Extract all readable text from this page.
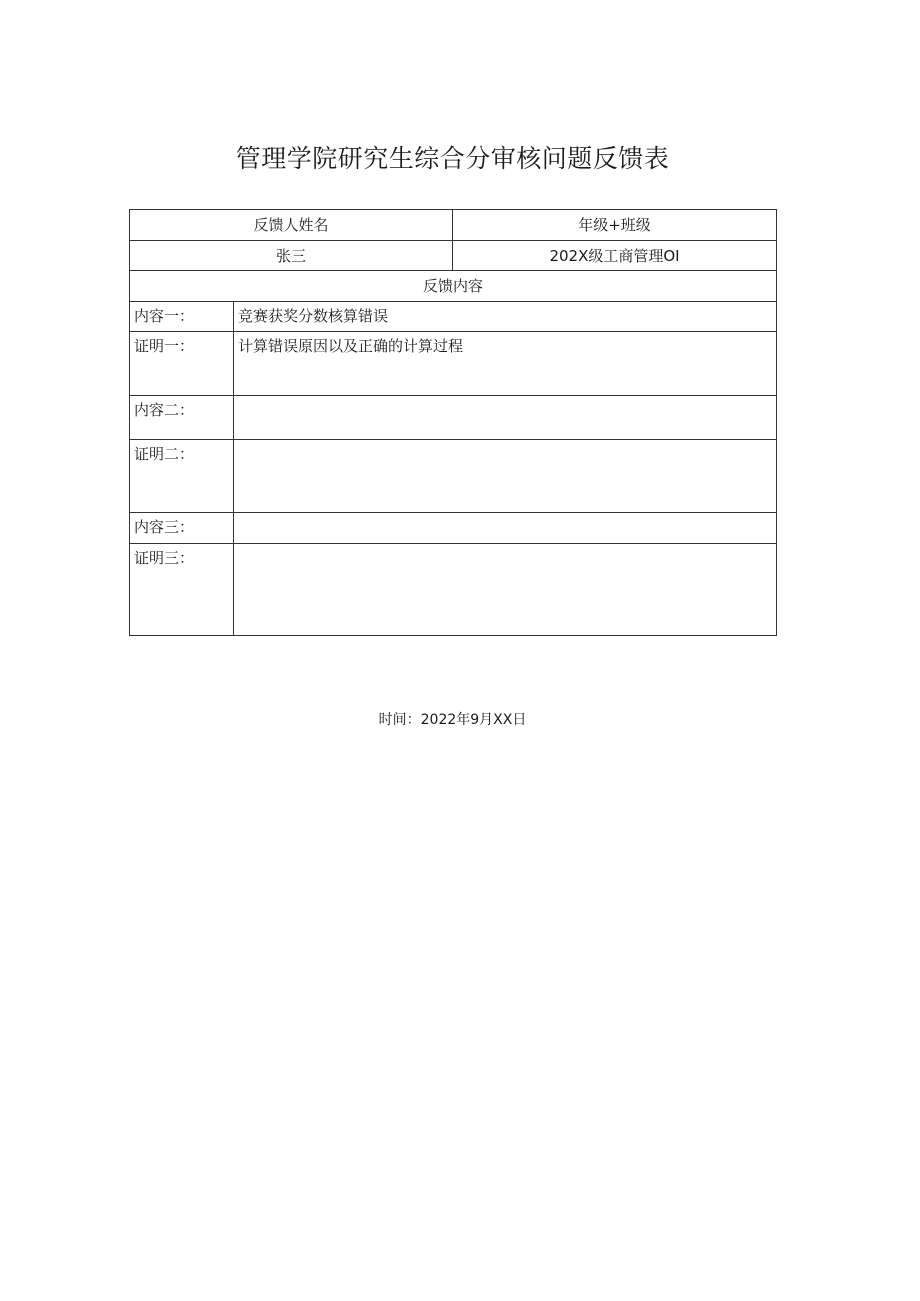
管理学院研究生综合分审核问题反馈表
反馈人姓名		年级+班级
张三		202X级工商管理OI
反馈内容		
内容一：	竞赛获奖分数核算错误	
证明一：	计算错误原因以及正确的计算过程	
内容二：		
证明二：		
内容三：		
证明三：		
时间：2022年9月XX日
